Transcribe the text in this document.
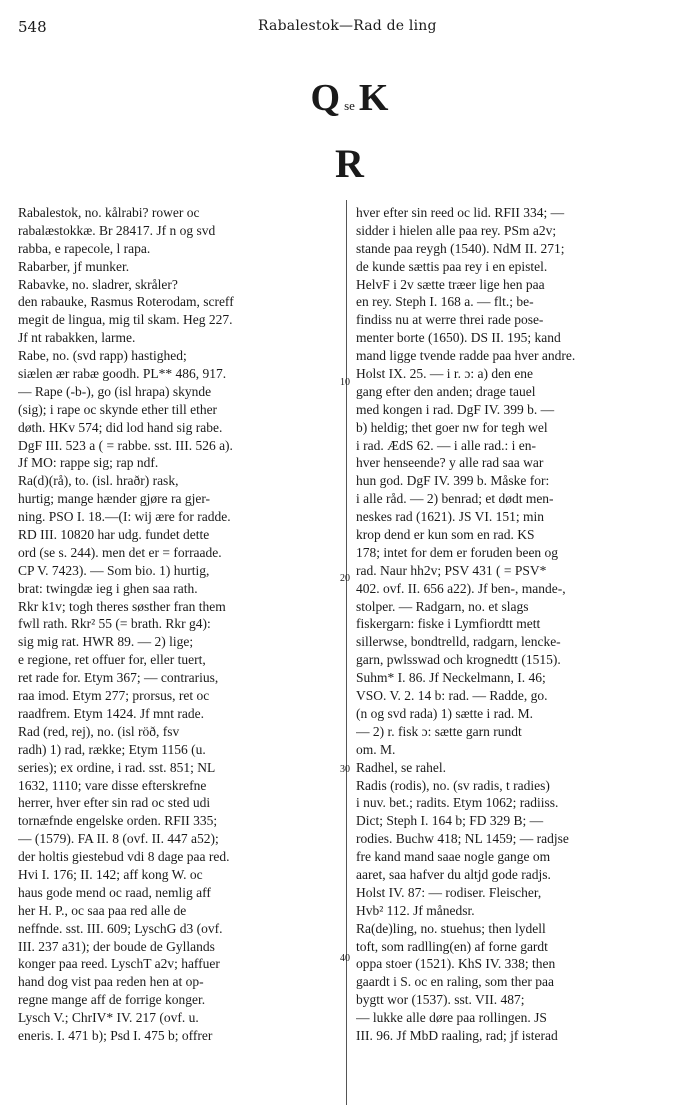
548	Rabalestok—Rad de ling
Qse K
R
10
20
30
40
Rabalestok, no. kålrabi? rower oc
rabalæstokkæ. Br 28417. Jf n og svd
rabba, e rapecole, l rapa.
Rabarber, jf munker.
Rabavke, no. sladrer, skråler?
den rabauke, Rasmus Roterodam, screff
megit de lingua, mig til skam. Heg 227.
Jf nt rabakken, larme.
Rabe, no. (svd rapp) hastighed;
siælen ær rabæ goodh. PL** 486, 917.
— Rape (-b-), go (isl hrapa) skynde
(sig); i rape oc skynde ether till ether
døth. HKv 574; did lod hand sig rabe.
DgF III. 523 a ( = rabbe. sst. III. 526 a).
Jf MO: rappe sig; rap ndf.
Ra(d)(rå), to. (isl. hraðr) rask,
hurtig; mange hænder gjøre ra gjer-
ning. PSO I. 18.—(I: wij ære for radde.
RD III. 10820 har udg. fundet dette
ord (se s. 244). men det er = forraade.
CP V. 7423). — Som bio. 1) hurtig,
brat: twingdæ ieg i ghen saa rath.
Rkr k1v; togh theres søsther fran them
fwll rath. Rkr² 55 (= brath. Rkr g4):
sig mig rat. HWR 89. — 2) lige;
e regione, ret offuer for, eller tuert,
ret rade for. Etym 367; — contrarius,
raa imod. Etym 277; prorsus, ret oc
raadfrem. Etym 1424. Jf mnt rade.
Rad (red, rej), no. (isl röð, fsv
radh) 1) rad, række; Etym 1156 (u.
series); ex ordine, i rad. sst. 851; NL
1632, 1110; vare disse efterskrefne
herrer, hver efter sin rad oc sted udi
tornæfnde engelske orden. RFII 335;
— (1579). FA II. 8 (ovf. II. 447 a52);
der holtis giestebud vdi 8 dage paa red.
Hvi I. 176; II. 142; aff kong W. oc
haus gode mend oc raad, nemlig aff
her H. P., oc saa paa red alle de
neffnde. sst. III. 609; LyschG d3 (ovf.
III. 237 a31); der boude de Gyllands
konger paa reed. LyschT a2v; haffuer
hand dog vist paa reden hen at op-
regne mange aff de forrige konger.
Lysch V.; ChrIV* IV. 217 (ovf. u.
eneris. I. 471 b); Psd I. 475 b; offrer
hver efter sin reed oc lid. RFII 334; —
sidder i hielen alle paa rey. PSm a2v;
stande paa reygh (1540). NdM II. 271;
de kunde sættis paa rey i en epistel.
HelvF i 2v sætte træer lige hen paa
en rey. Steph I. 168 a. — flt.; be-
findiss nu at werre threi rade pose-
menter borte (1650). DS II. 195; kand
mand ligge tvende radde paa hver andre.
Holst IX. 25. — i r. ɔ: a) den ene
gang efter den anden; drage tauel
med kongen i rad. DgF IV. 399 b. —
b) heldig; thet goer nw for tegh wel
i rad. ÆdS 62. — i alle rad.: i en-
hver henseende? y alle rad saa war
hun god. DgF IV. 399 b. Måske for:
i alle råd. — 2) benrad; et dødt men-
neskes rad (1621). JS VI. 151; min
krop dend er kun som en rad. KS
178; intet for dem er foruden been og
rad. Naur hh2v; PSV 431 ( = PSV*
402. ovf. II. 656 a22). Jf ben-, mande-,
stolper. — Radgarn, no. et slags
fiskergarn: fiske i Lymfiordtt mett
sillerwse, bondtrelld, radgarn, lencke-
garn, pwlsswad och krognedtt (1515).
Suhm* I. 86. Jf Neckelmann, I. 46;
VSO. V. 2. 14 b: rad. — Radde, go.
(n og svd rada) 1) sætte i rad. M.
— 2) r. fisk ɔ: sætte garn rundt
om. M.
Radhel, se rahel.
Radis (rodis), no. (sv radis, t radies)
i nuv. bet.; radits. Etym 1062; radiiss.
Dict; Steph I. 164 b; FD 329 B; —
rodies. Buchw 418; NL 1459; — radjse
fre kand mand saae nogle gange om
aaret, saa hafver du altjd gode radjs.
Holst IV. 87: — rodiser. Fleischer,
Hvb² 112. Jf månedsr.
Ra(de)ling, no. stuehus; then lydell
toft, som radlling(en) af forne gardt
oppa stoer (1521). KhS IV. 338; then
gaardt i S. oc en raling, som ther paa
bygtt wor (1537). sst. VII. 487;
— lukke alle døre paa rollingen. JS
III. 96. Jf MbD raaling, rad; jf isterad
